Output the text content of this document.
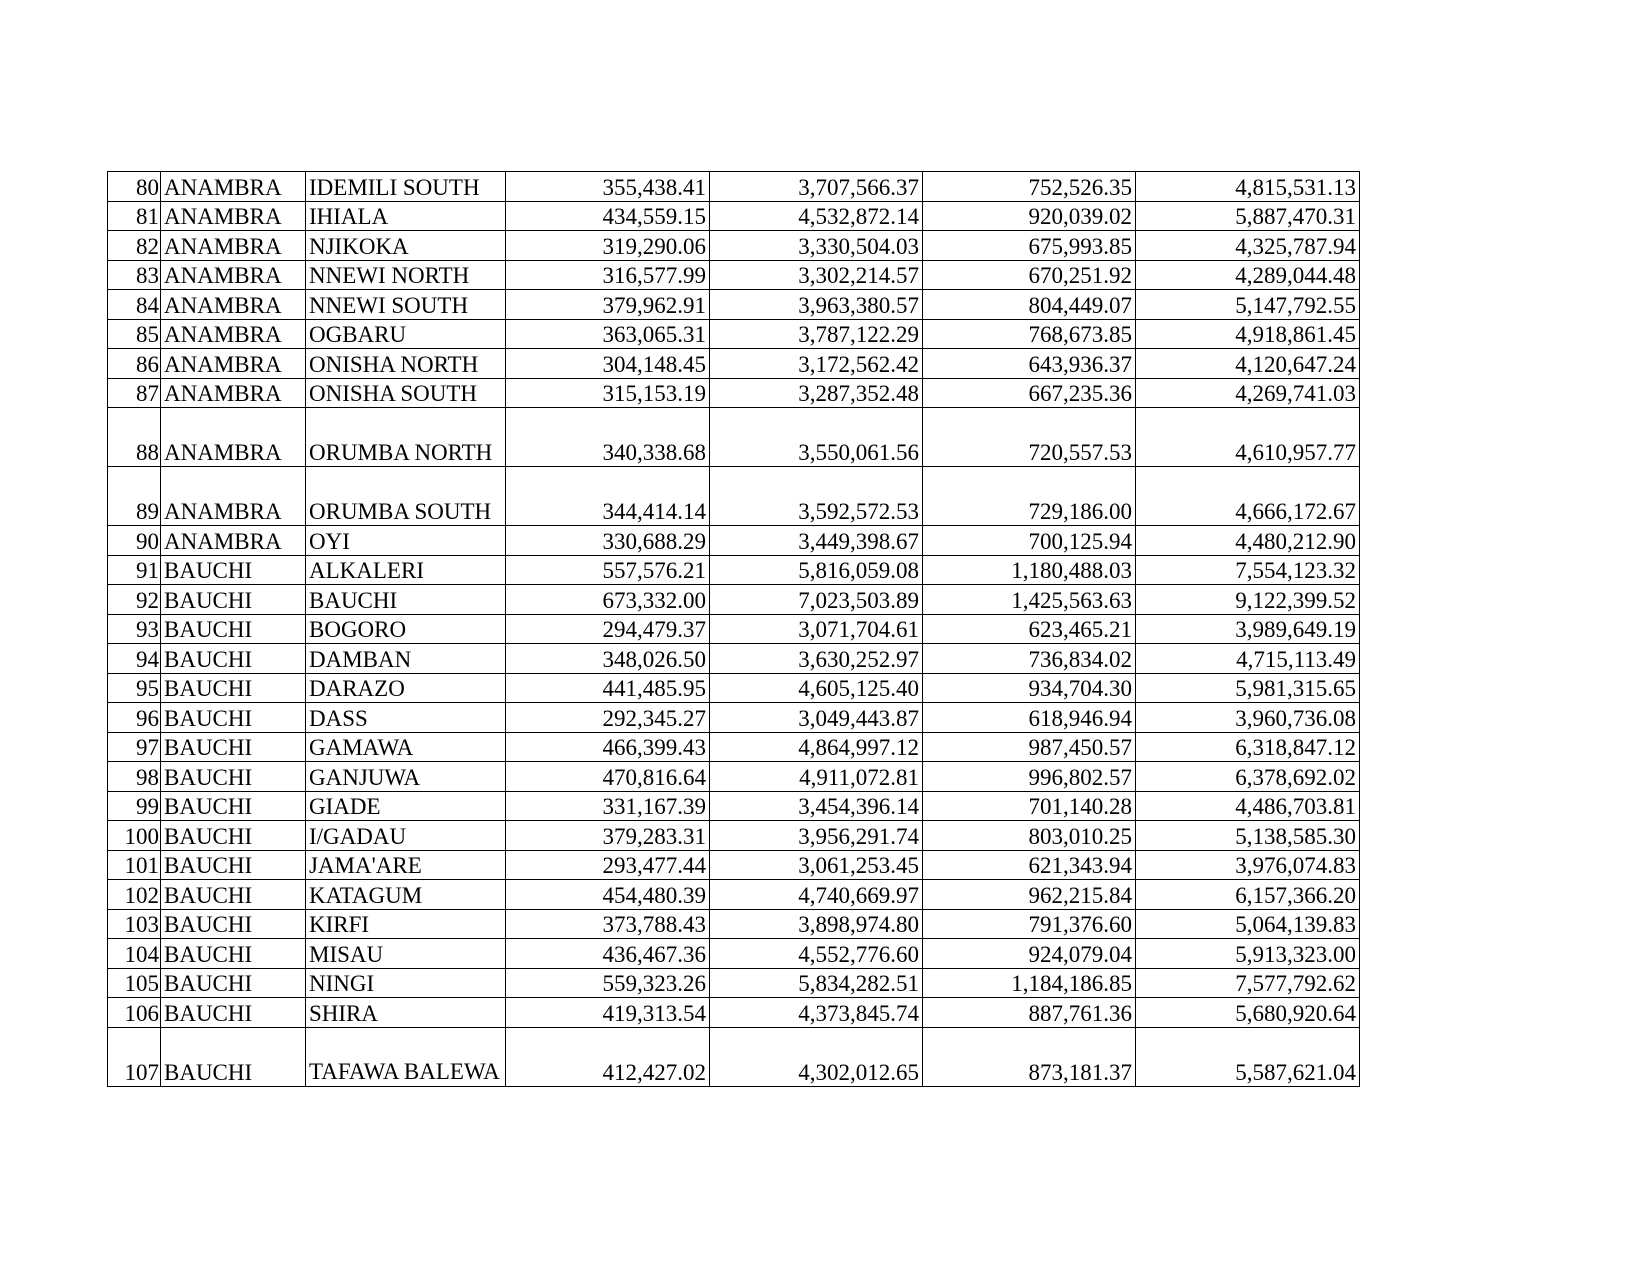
80	ANAMBRA	IDEMILI SOUTH	355,438.41	3,707,566.37	752,526.35	4,815,531.13
81	ANAMBRA	IHIALA	434,559.15	4,532,872.14	920,039.02	5,887,470.31
82	ANAMBRA	NJIKOKA	319,290.06	3,330,504.03	675,993.85	4,325,787.94
83	ANAMBRA	NNEWI NORTH	316,577.99	3,302,214.57	670,251.92	4,289,044.48
84	ANAMBRA	NNEWI SOUTH	379,962.91	3,963,380.57	804,449.07	5,147,792.55
85	ANAMBRA	OGBARU	363,065.31	3,787,122.29	768,673.85	4,918,861.45
86	ANAMBRA	ONISHA NORTH	304,148.45	3,172,562.42	643,936.37	4,120,647.24
87	ANAMBRA	ONISHA SOUTH	315,153.19	3,287,352.48	667,235.36	4,269,741.03
88	ANAMBRA	ORUMBA NORTH	340,338.68	3,550,061.56	720,557.53	4,610,957.77
89	ANAMBRA	ORUMBA SOUTH	344,414.14	3,592,572.53	729,186.00	4,666,172.67
90	ANAMBRA	OYI	330,688.29	3,449,398.67	700,125.94	4,480,212.90
91	BAUCHI	ALKALERI	557,576.21	5,816,059.08	1,180,488.03	7,554,123.32
92	BAUCHI	BAUCHI	673,332.00	7,023,503.89	1,425,563.63	9,122,399.52
93	BAUCHI	BOGORO	294,479.37	3,071,704.61	623,465.21	3,989,649.19
94	BAUCHI	DAMBAN	348,026.50	3,630,252.97	736,834.02	4,715,113.49
95	BAUCHI	DARAZO	441,485.95	4,605,125.40	934,704.30	5,981,315.65
96	BAUCHI	DASS	292,345.27	3,049,443.87	618,946.94	3,960,736.08
97	BAUCHI	GAMAWA	466,399.43	4,864,997.12	987,450.57	6,318,847.12
98	BAUCHI	GANJUWA	470,816.64	4,911,072.81	996,802.57	6,378,692.02
99	BAUCHI	GIADE	331,167.39	3,454,396.14	701,140.28	4,486,703.81
100	BAUCHI	I/GADAU	379,283.31	3,956,291.74	803,010.25	5,138,585.30
101	BAUCHI	JAMA'ARE	293,477.44	3,061,253.45	621,343.94	3,976,074.83
102	BAUCHI	KATAGUM	454,480.39	4,740,669.97	962,215.84	6,157,366.20
103	BAUCHI	KIRFI	373,788.43	3,898,974.80	791,376.60	5,064,139.83
104	BAUCHI	MISAU	436,467.36	4,552,776.60	924,079.04	5,913,323.00
105	BAUCHI	NINGI	559,323.26	5,834,282.51	1,184,186.85	7,577,792.62
106	BAUCHI	SHIRA	419,313.54	4,373,845.74	887,761.36	5,680,920.64
107	BAUCHI	TAFAWA BALEWA	412,427.02	4,302,012.65	873,181.37	5,587,621.04
